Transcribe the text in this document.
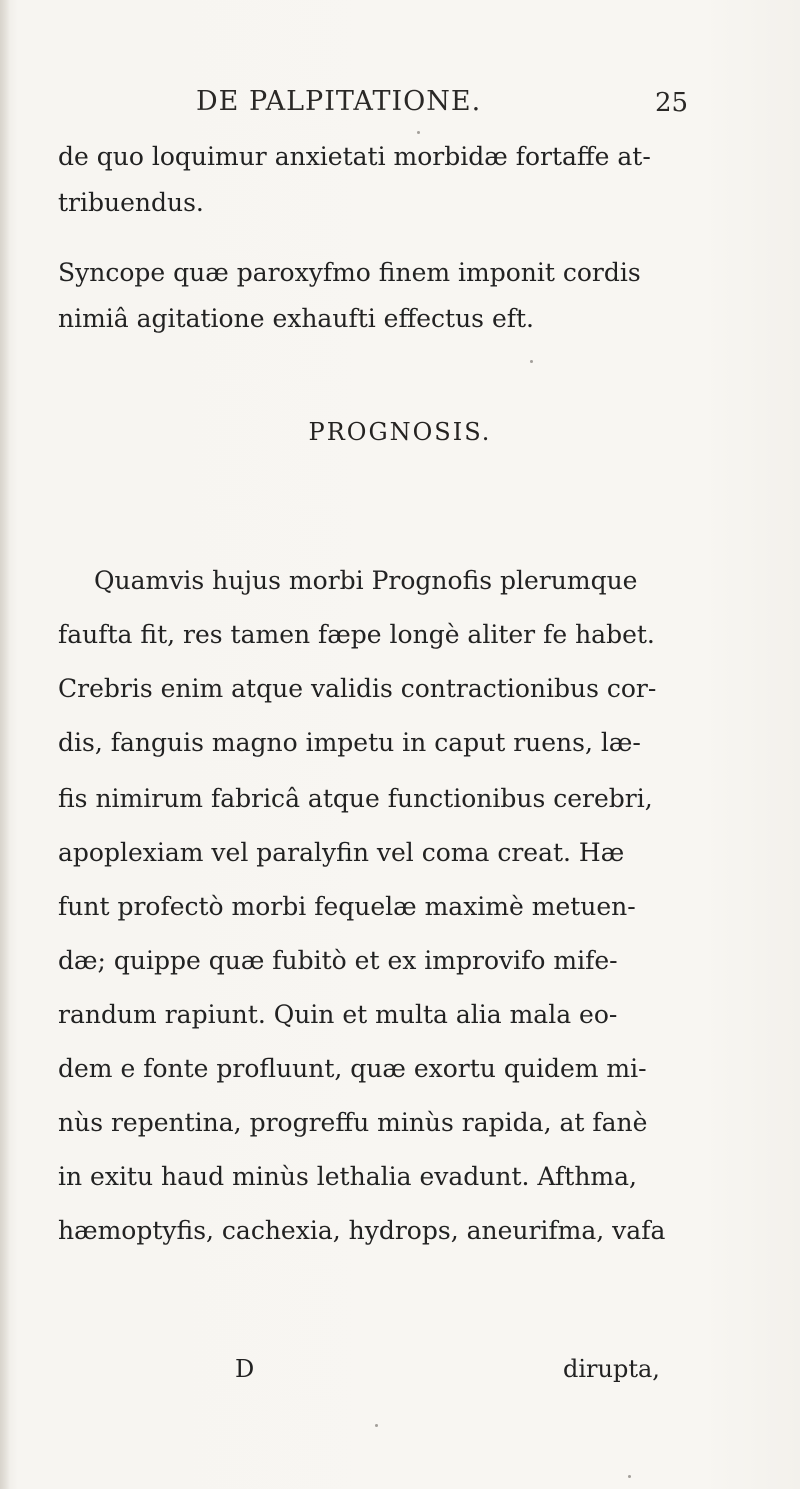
DE PALPITATIONE.	25
de quo loquimur anxietati morbidæ fortaffe at-
tribuendus.
Syncope quæ paroxyfmo finem imponit cordis
nimiâ agitatione exhaufti effectus eft.
PROGNOSIS.
Quamvis hujus morbi Prognofis plerumque
faufta fit, res tamen fæpe longè aliter fe habet.
Crebris enim atque validis contractionibus cor-
dis, fanguis magno impetu in caput ruens, læ-
fis nimirum fabricâ atque functionibus cerebri,
apoplexiam vel paralyfin vel coma creat. Hæ
funt profectò morbi fequelæ maximè metuen-
dæ; quippe quæ fubitò et ex improvifo mife-
randum rapiunt. Quin et multa alia mala eo-
dem e fonte profluunt, quæ exortu quidem mi-
nùs repentina, progreffu minùs rapida, at fanè
in exitu haud minùs lethalia evadunt. Afthma,
hæmoptyfis, cachexia, hydrops, aneurifma, vafa
D	dirupta,
